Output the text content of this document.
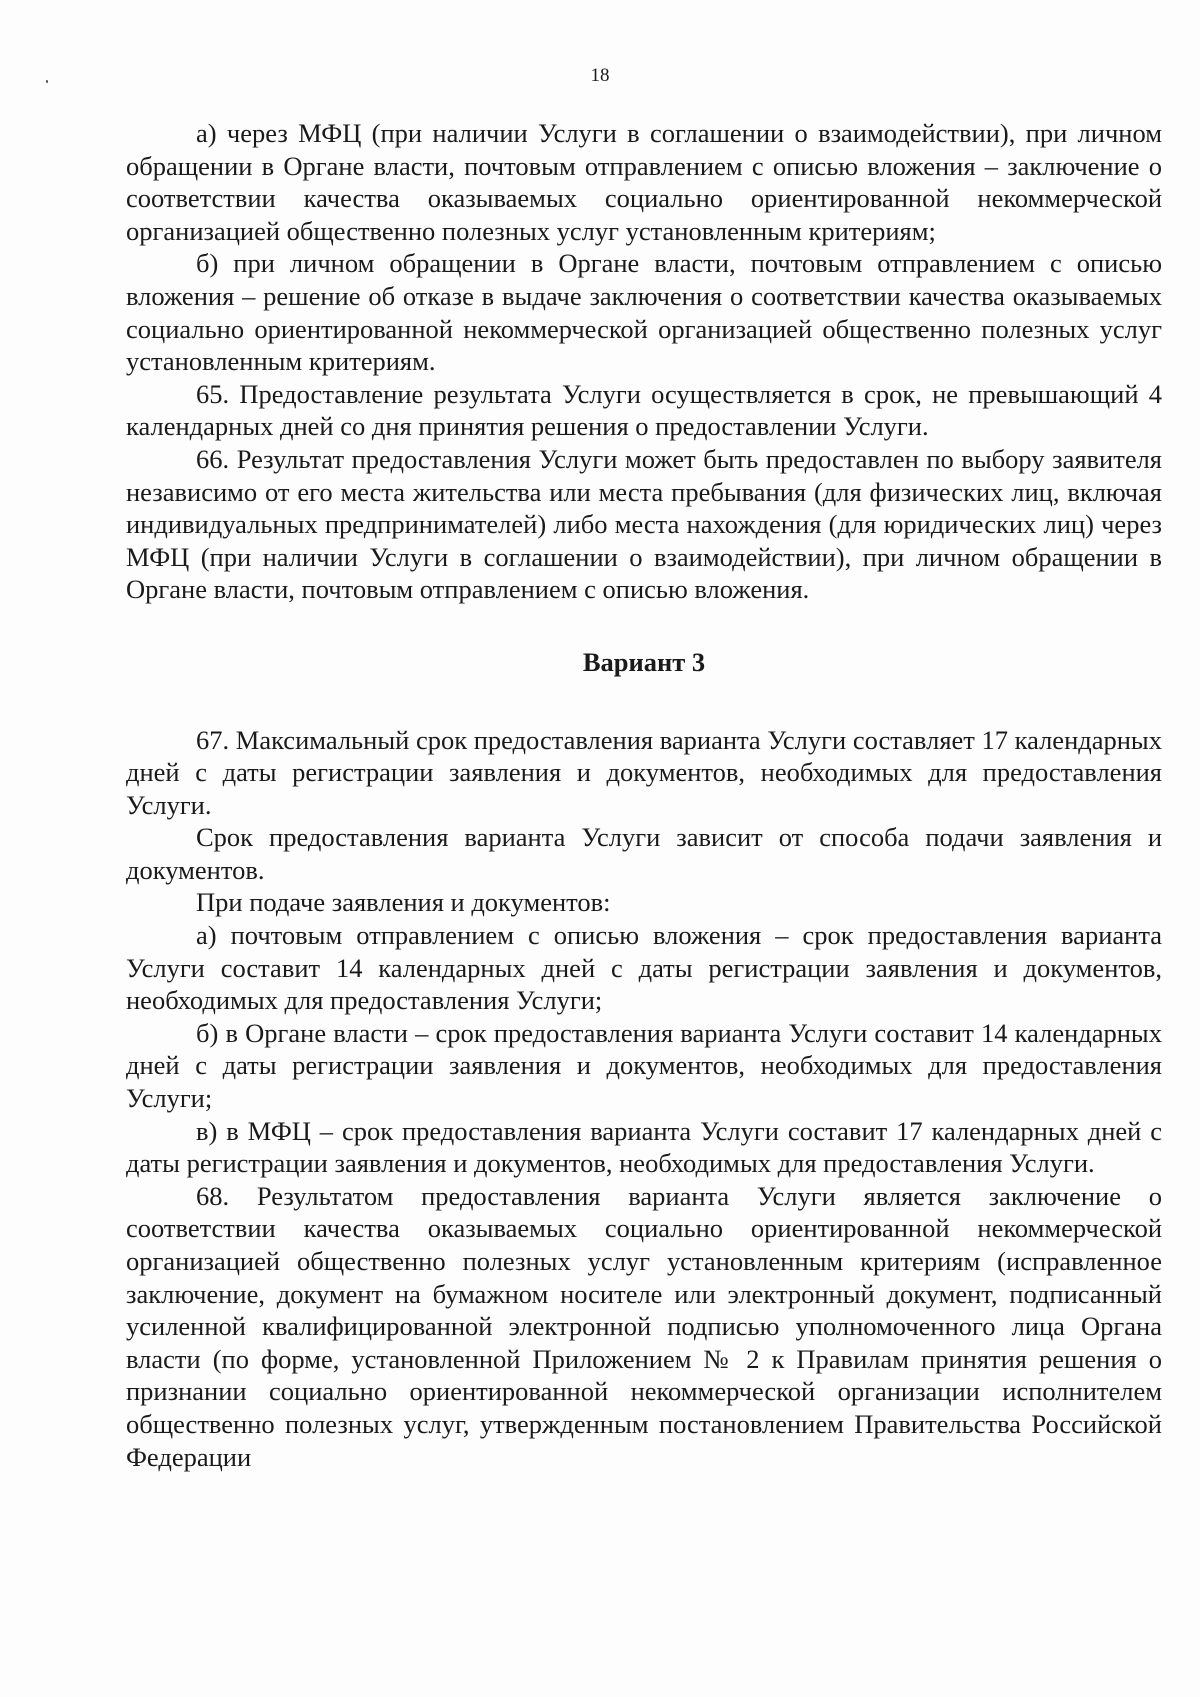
18

а) через МФЦ (при наличии Услуги в соглашении о взаимодействии), при личном обращении в Органе власти, почтовым отправлением с описью вложения – заключение о соответствии качества оказываемых социально ориентированной некоммерческой организацией общественно полезных услуг установленным критериям;

б) при личном обращении в Органе власти, почтовым отправлением с описью вложения – решение об отказе в выдаче заключения о соответствии качества оказываемых социально ориентированной некоммерческой организацией общественно полезных услуг установленным критериям.

65. Предоставление результата Услуги осуществляется в срок, не превышающий 4 календарных дней со дня принятия решения о предоставлении Услуги.

66. Результат предоставления Услуги может быть предоставлен по выбору заявителя независимо от его места жительства или места пребывания (для физических лиц, включая индивидуальных предпринимателей) либо места нахождения (для юридических лиц) через МФЦ (при наличии Услуги в соглашении о взаимодействии), при личном обращении в Органе власти, почтовым отправлением с описью вложения.

Вариант 3

67. Максимальный срок предоставления варианта Услуги составляет 17 календарных дней с даты регистрации заявления и документов, необходимых для предоставления Услуги.

Срок предоставления варианта Услуги зависит от способа подачи заявления и документов.

При подаче заявления и документов:

а) почтовым отправлением с описью вложения – срок предоставления варианта Услуги составит 14 календарных дней с даты регистрации заявления и документов, необходимых для предоставления Услуги;

б) в Органе власти – срок предоставления варианта Услуги составит 14 календарных дней с даты регистрации заявления и документов, необходимых для предоставления Услуги;

в) в МФЦ – срок предоставления варианта Услуги составит 17 календарных дней с даты регистрации заявления и документов, необходимых для предоставления Услуги.

68. Результатом предоставления варианта Услуги является заключение о соответствии качества оказываемых социально ориентированной некоммерческой организацией общественно полезных услуг установленным критериям (исправленное заключение, документ на бумажном носителе или электронный документ, подписанный усиленной квалифицированной электронной подписью уполномоченного лица Органа власти (по форме, установленной Приложением № 2 к Правилам принятия решения о признании социально ориентированной некоммерческой организации исполнителем общественно полезных услуг, утвержденным постановлением Правительства Российской Федерации
